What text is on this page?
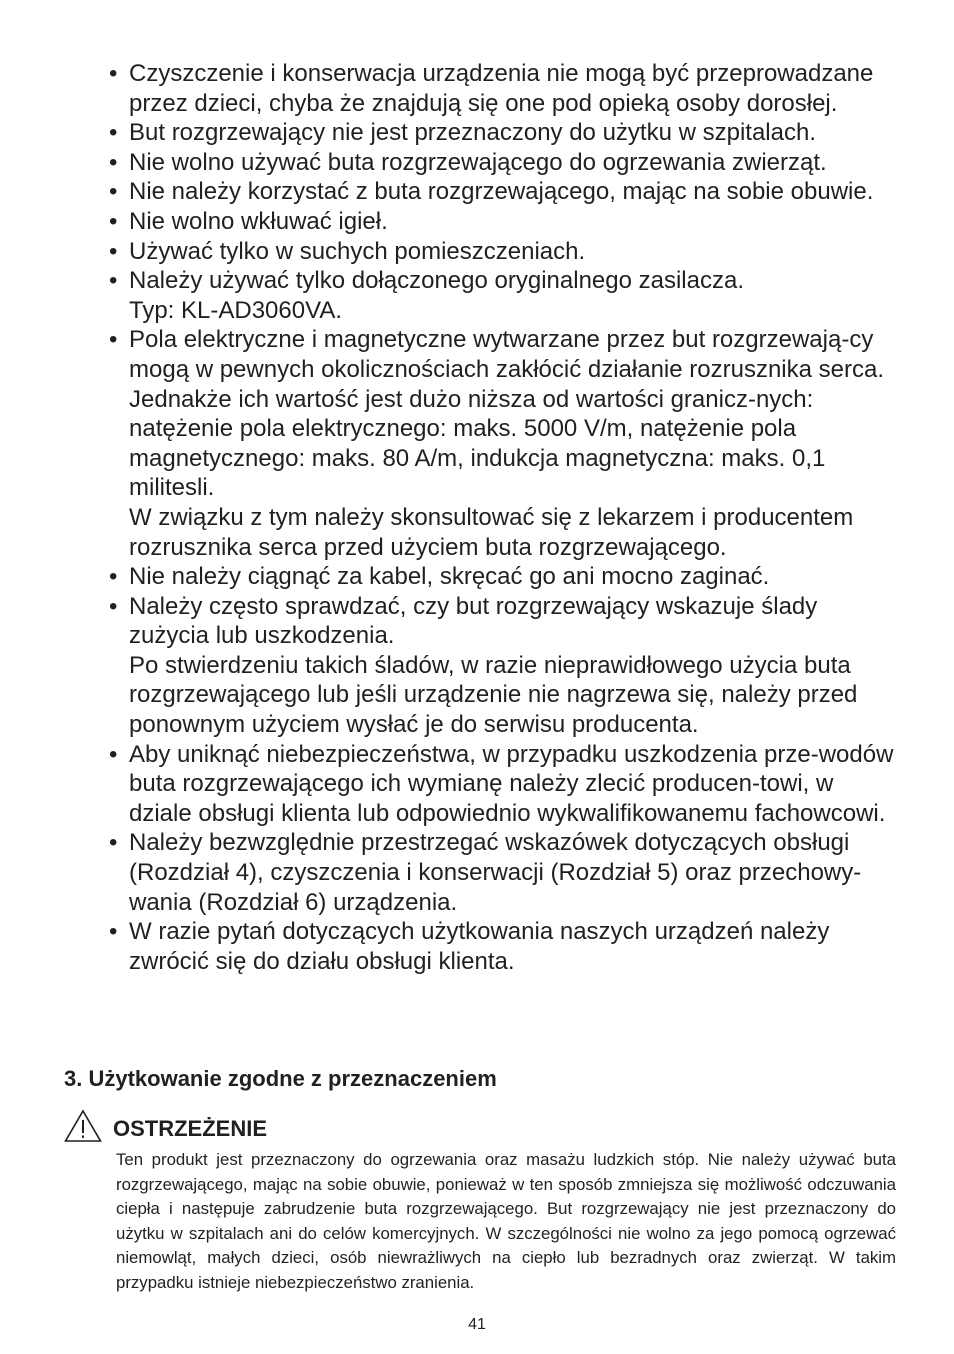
• Czyszczenie i konserwacja urządzenia nie mogą być przeprowadzane przez dzieci, chyba że znajdują się one pod opieką osoby dorosłej.

• But rozgrzewający nie jest przeznaczony do użytku w szpitalach.

• Nie wolno używać buta rozgrzewającego do ogrzewania zwierząt.

• Nie należy korzystać z buta rozgrzewającego, mając na sobie obuwie.

• Nie wolno wkłuwać igieł.

• Używać tylko w suchych pomieszczeniach.

• Należy używać tylko dołączonego oryginalnego zasilacza.

Typ: KL-AD3060VA.

• Pola elektryczne i magnetyczne wytwarzane przez but rozgrzewają-cy mogą w pewnych okolicznościach zakłócić działanie rozrusznika serca. Jednakże ich wartość jest dużo niższa od wartości granicz-nych: natężenie pola elektrycznego: maks. 5000 V/m, natężenie pola magnetycznego: maks. 80 A/m, indukcja magnetyczna: maks. 0,1 militesli.

W związku z tym należy skonsultować się z lekarzem i producentem rozrusznika serca przed użyciem buta rozgrzewającego.

• Nie należy ciągnąć za kabel, skręcać go ani mocno zaginać.

• Należy często sprawdzać, czy but rozgrzewający wskazuje ślady zużycia lub uszkodzenia.

Po stwierdzeniu takich śladów, w razie nieprawidłowego użycia buta rozgrzewającego lub jeśli urządzenie nie nagrzewa się, należy przed ponownym użyciem wysłać je do serwisu producenta.

• Aby uniknąć niebezpieczeństwa, w przypadku uszkodzenia prze-wodów buta rozgrzewającego ich wymianę należy zlecić producen-towi, w dziale obsługi klienta lub odpowiednio wykwalifikowanemu fachowcowi.

• Należy bezwzględnie przestrzegać wskazówek dotyczących obsługi (Rozdział 4), czyszczenia i konserwacji (Rozdział 5) oraz przechowy-wania (Rozdział 6) urządzenia.

• W razie pytań dotyczących użytkowania naszych urządzeń należy zwrócić się do działu obsługi klienta.

3. Użytkowanie zgodne z przeznaczeniem
OSTRZEŻENIE

Ten produkt jest przeznaczony do ogrzewania oraz masażu ludzkich stóp. Nie należy używać buta rozgrzewającego, mając na sobie obuwie, ponieważ w ten sposób zmniejsza się możliwość odczuwania ciepła i następuje zabrudzenie buta rozgrzewającego. But rozgrzewający nie jest przeznaczony do użytku w szpitalach ani do celów komercyjnych. W szczególności nie wolno za jego pomocą ogrzewać niemowląt, małych dzieci, osób niewrażliwych na ciepło lub bezradnych oraz zwierząt. W takim przypadku istnieje niebezpieczeństwo zranienia.

41
